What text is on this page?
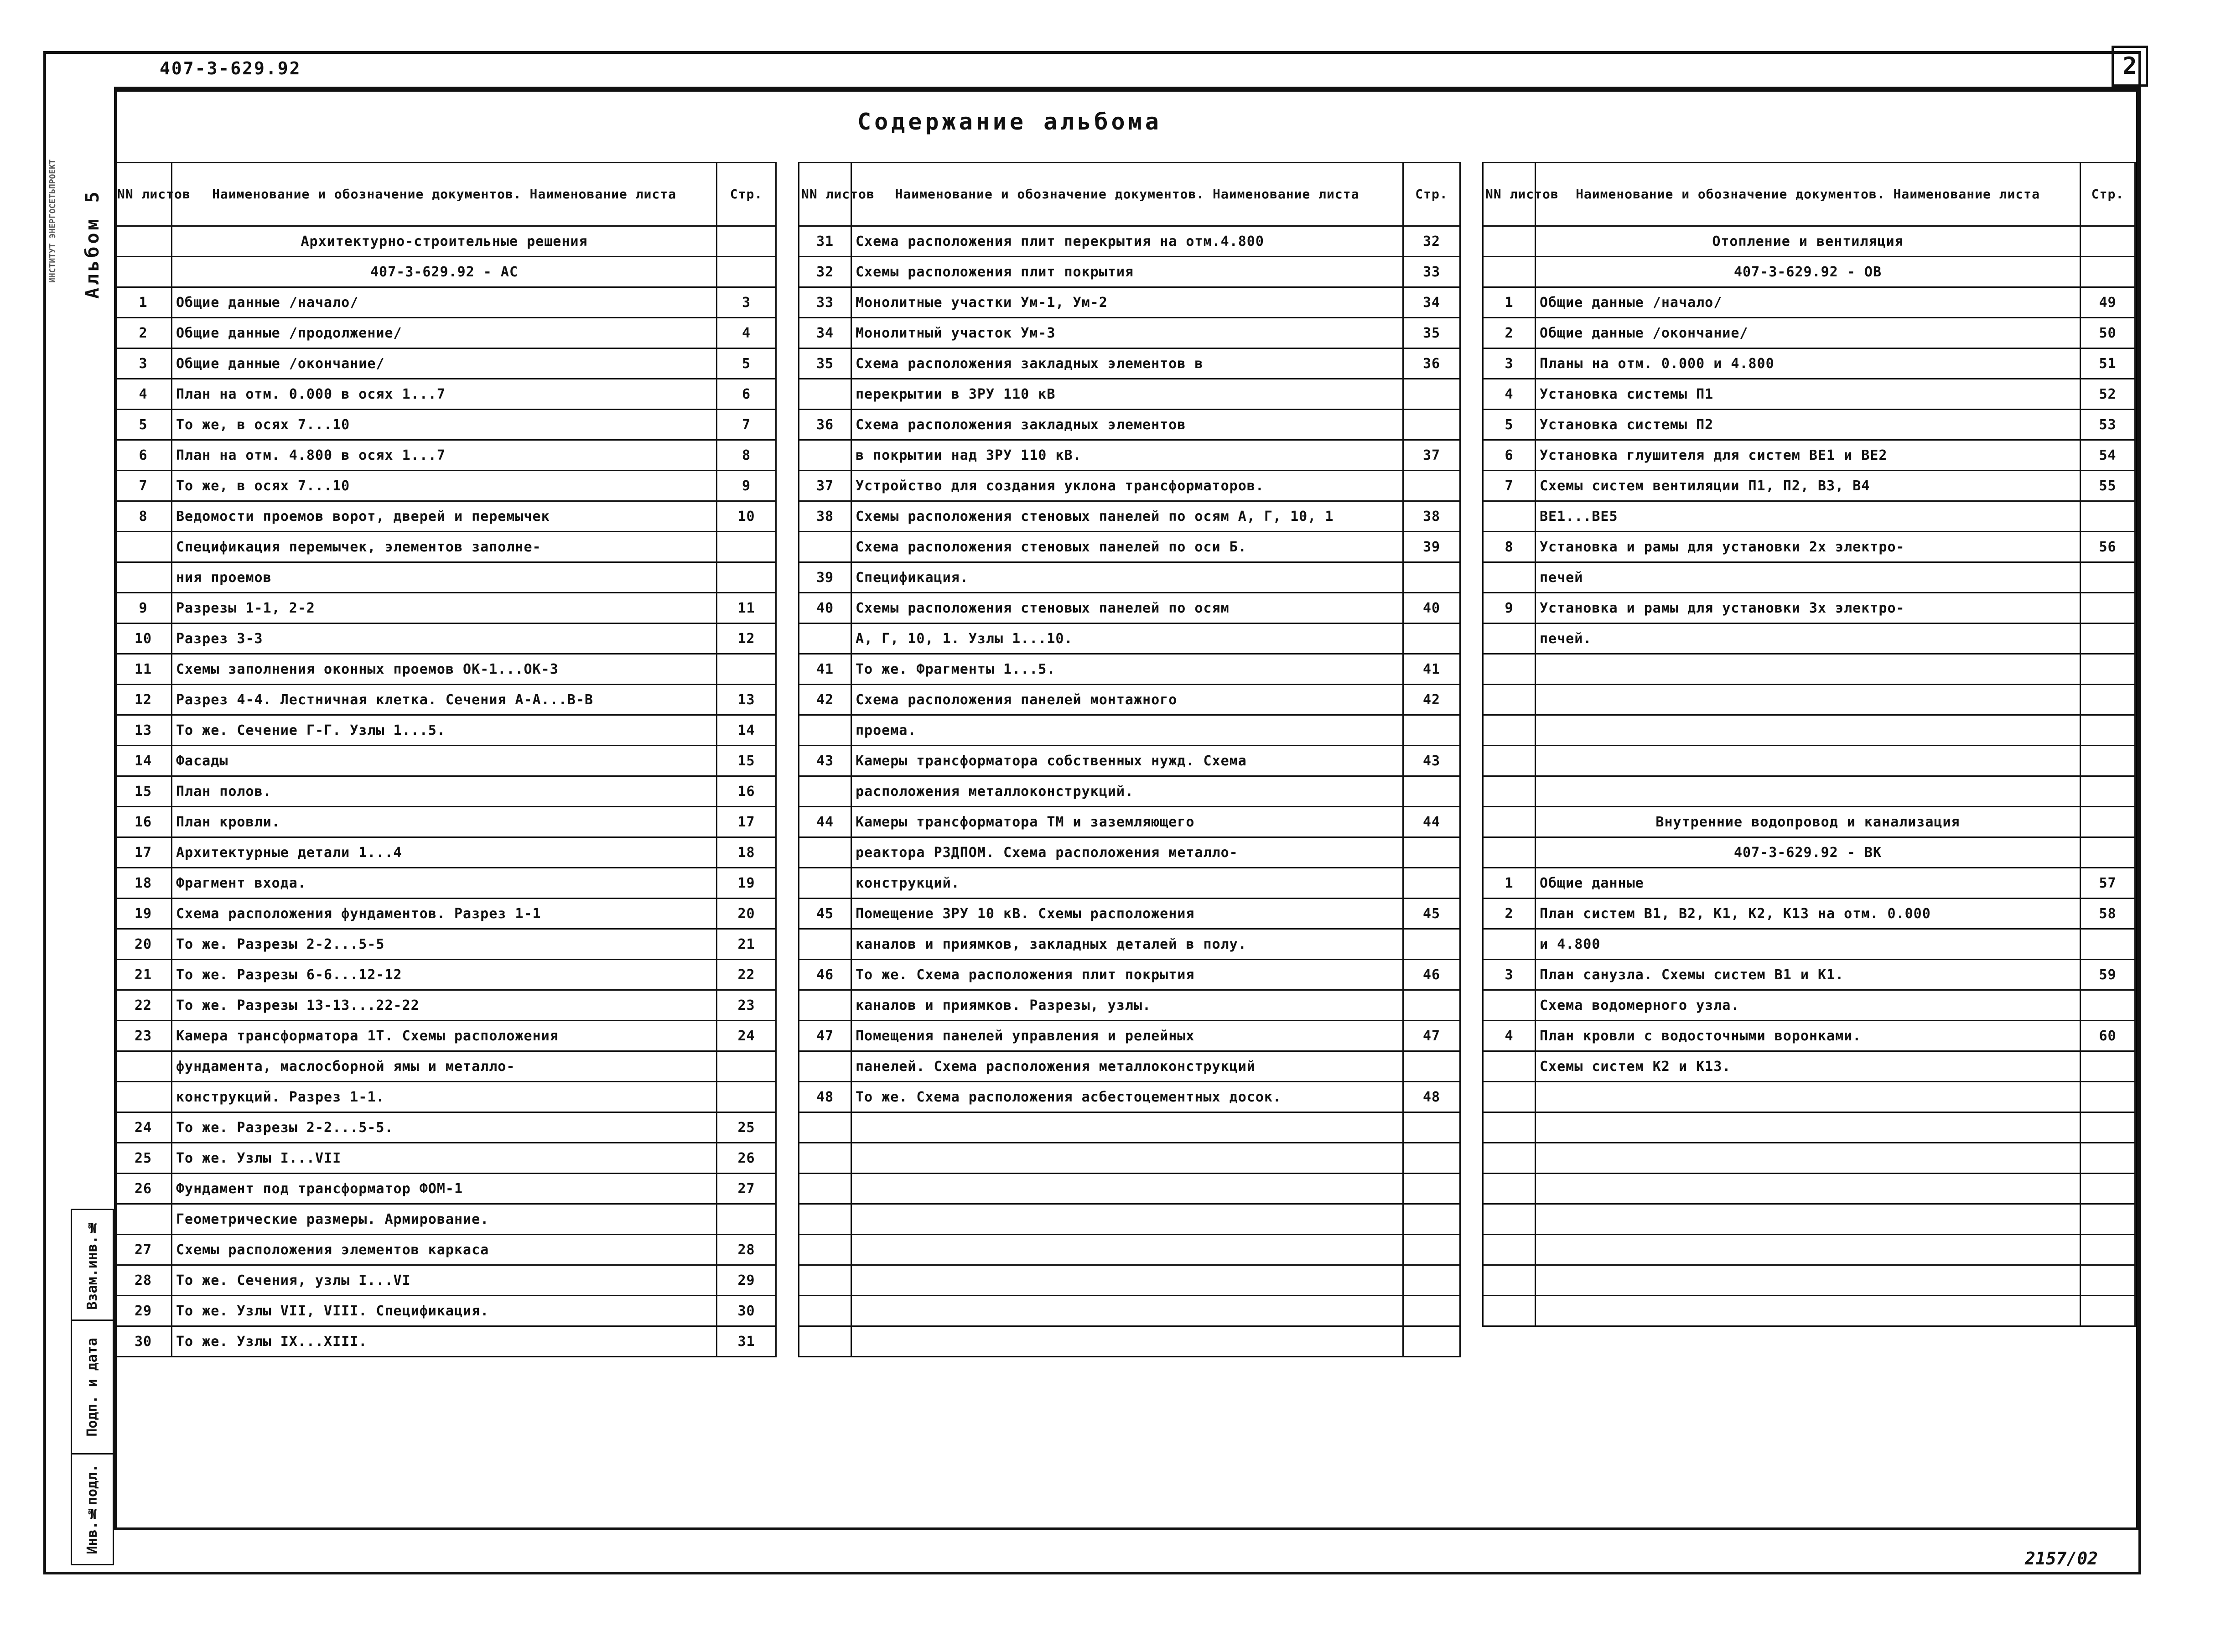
407-3-629.92	2
ИНСТИТУТ ЭНЕРГОСЕТЬПРОЕКТ Альбом 5
Содержание альбома
NN листов	Наименование и обозначение документов. Наименование листа	Стр.
	Архитектурно-строительные решения	
	407-3-629.92 - АС	
1	Общие данные /начало/	3
2	Общие данные /продолжение/	4
3	Общие данные /окончание/	5
4	План на отм. 0.000 в осях 1...7	6
5	То же, в осях 7...10	7
6	План на отм. 4.800 в осях 1...7	8
7	То же, в осях 7...10	9
8	Ведомости проемов ворот, дверей и перемычек	10
	Спецификация перемычек, элементов заполне-	
	ния проемов	
9	Разрезы 1-1, 2-2	11
10	Разрез 3-3	12
11	Схемы заполнения оконных проемов ОК-1...ОК-3	
12	Разрез 4-4. Лестничная клетка. Сечения А-А...В-В	13
13	То же. Сечение Г-Г. Узлы 1...5.	14
14	Фасады	15
15	План полов.	16
16	План кровли.	17
17	Архитектурные детали 1...4	18
18	Фрагмент входа.	19
19	Схема расположения фундаментов. Разрез 1-1	20
20	То же. Разрезы 2-2...5-5	21
21	То же. Разрезы 6-6...12-12	22
22	То же. Разрезы 13-13...22-22	23
23	Камера трансформатора 1Т. Схемы расположения	24
	фундамента, маслосборной ямы и металло-	
	конструкций. Разрез 1-1.	
24	То же. Разрезы 2-2...5-5.	25
25	То же. Узлы I...VII	26
26	Фундамент под трансформатор ФОМ-1	27
	Геометрические размеры. Армирование.	
27	Схемы расположения элементов каркаса	28
28	То же. Сечения, узлы I...VI	29
29	То же. Узлы VII, VIII. Спецификация.	30
30	То же. Узлы IX...XIII.	31
NN листов	Наименование и обозначение документов. Наименование листа	Стр.
31	Схема расположения плит перекрытия на отм.4.800	32
32	Схемы расположения плит покрытия	33
33	Монолитные участки Ум-1, Ум-2	34
34	Монолитный участок Ум-3	35
35	Схема расположения закладных элементов в	36
	перекрытии в ЗРУ 110 кВ	
36	Схема расположения закладных элементов	
	в покрытии над ЗРУ 110 кВ.	37
37	Устройство для создания уклона трансформаторов.	
38	Схемы расположения стеновых панелей по осям А, Г, 10, 1	38
	Схема расположения стеновых панелей по оси Б.	39
39	Спецификация.	
40	Схемы расположения стеновых панелей по осям	40
	А, Г, 10, 1. Узлы 1...10.	
41	То же. Фрагменты 1...5.	41
42	Схема расположения панелей монтажного	42
	проема.	
43	Камеры трансформатора собственных нужд. Схема	43
	расположения металлоконструкций.	
44	Камеры трансформатора ТМ и заземляющего	44
	реактора РЗДПОМ. Схема расположения металло-	
	конструкций.	
45	Помещение ЗРУ 10 кВ. Схемы расположения	45
	каналов и приямков, закладных деталей в полу.	
46	То же. Схема расположения плит покрытия	46
	каналов и приямков. Разрезы, узлы.	
47	Помещения панелей управления и релейных	47
	панелей. Схема расположения металлоконструкций	
48	То же. Схема расположения асбестоцементных досок.	48

NN листов	Наименование и обозначение документов. Наименование листа	Стр.
	Отопление и вентиляция	
	407-3-629.92 - ОВ	
1	Общие данные /начало/	49
2	Общие данные /окончание/	50
3	Планы на отм. 0.000 и 4.800	51
4	Установка системы П1	52
5	Установка системы П2	53
6	Установка глушителя для систем ВЕ1 и ВЕ2	54
7	Схемы систем вентиляции П1, П2, В3, В4	55
	ВЕ1...ВЕ5	
8	Установка и рамы для установки 2х электро-	56
	печей	
9	Установка и рамы для установки 3х электро-	
	печей.	

	Внутренние водопровод и канализация	
	407-3-629.92 - ВК	
1	Общие данные	57
2	План систем В1, В2, К1, К2, К13 на отм. 0.000	58
	и 4.800	
3	План санузла. Схемы систем В1 и К1.	59
	Схема водомерного узла.	
4	План кровли с водосточными воронками.	60
	Схемы систем К2 и К13.	

Взам.инв.№

Подп. и дата

Инв.№подл.
2157/02
